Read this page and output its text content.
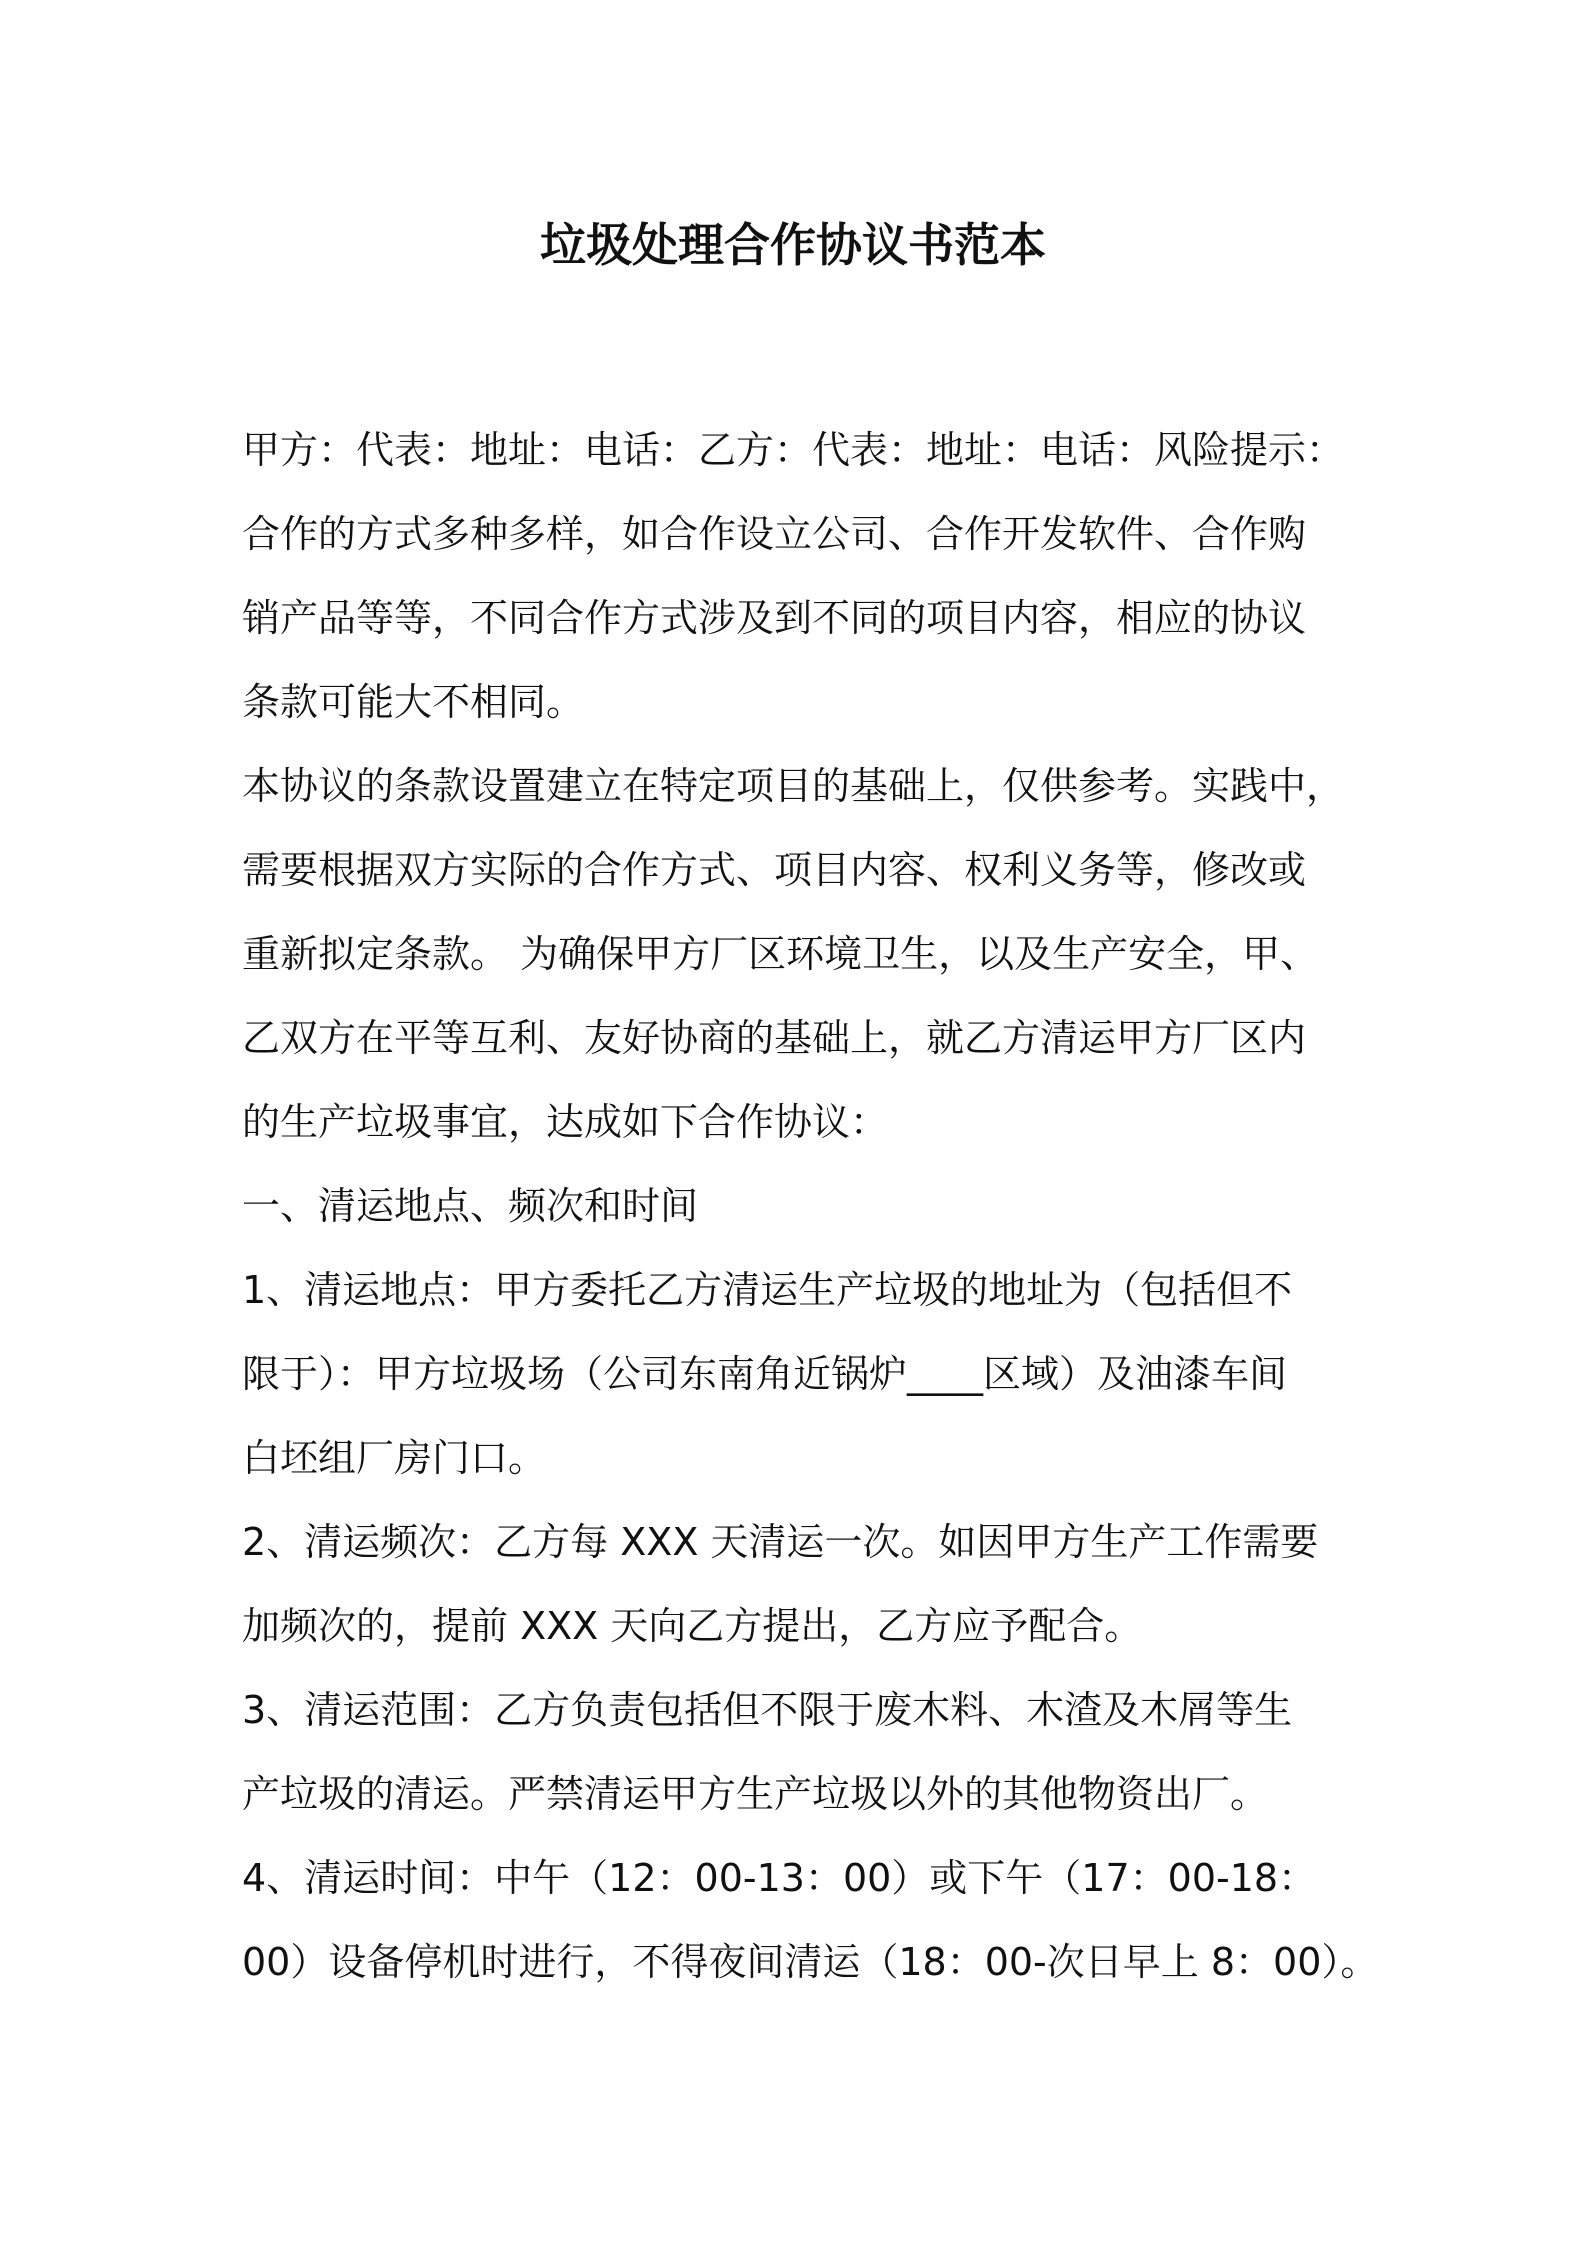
垃圾处理合作协议书范本
甲方：代表：地址：电话：乙方：代表：地址：电话：风险提示：
合作的方式多种多样，如合作设立公司、合作开发软件、合作购
销产品等等，不同合作方式涉及到不同的项目内容，相应的协议
条款可能大不相同。
本协议的条款设置建立在特定项目的基础上，仅供参考。实践中，
需要根据双方实际的合作方式、项目内容、权利义务等，修改或
重新拟定条款。 为确保甲方厂区环境卫生，以及生产安全，甲、
乙双方在平等互利、友好协商的基础上，就乙方清运甲方厂区内
的生产垃圾事宜，达成如下合作协议：
一、清运地点、频次和时间
1、清运地点：甲方委托乙方清运生产垃圾的地址为（包括但不
限于）：甲方垃圾场（公司东南角近锅炉____区域）及油漆车间
白坯组厂房门口。
2、清运频次：乙方每 XXX 天清运一次。如因甲方生产工作需要
加频次的，提前 XXX 天向乙方提出，乙方应予配合。
3、清运范围：乙方负责包括但不限于废木料、木渣及木屑等生
产垃圾的清运。严禁清运甲方生产垃圾以外的其他物资出厂。
4、清运时间：中午（12：00-13：00）或下午（17：00-18：
00）设备停机时进行，不得夜间清运（18：00-次日早上 8：00）。
